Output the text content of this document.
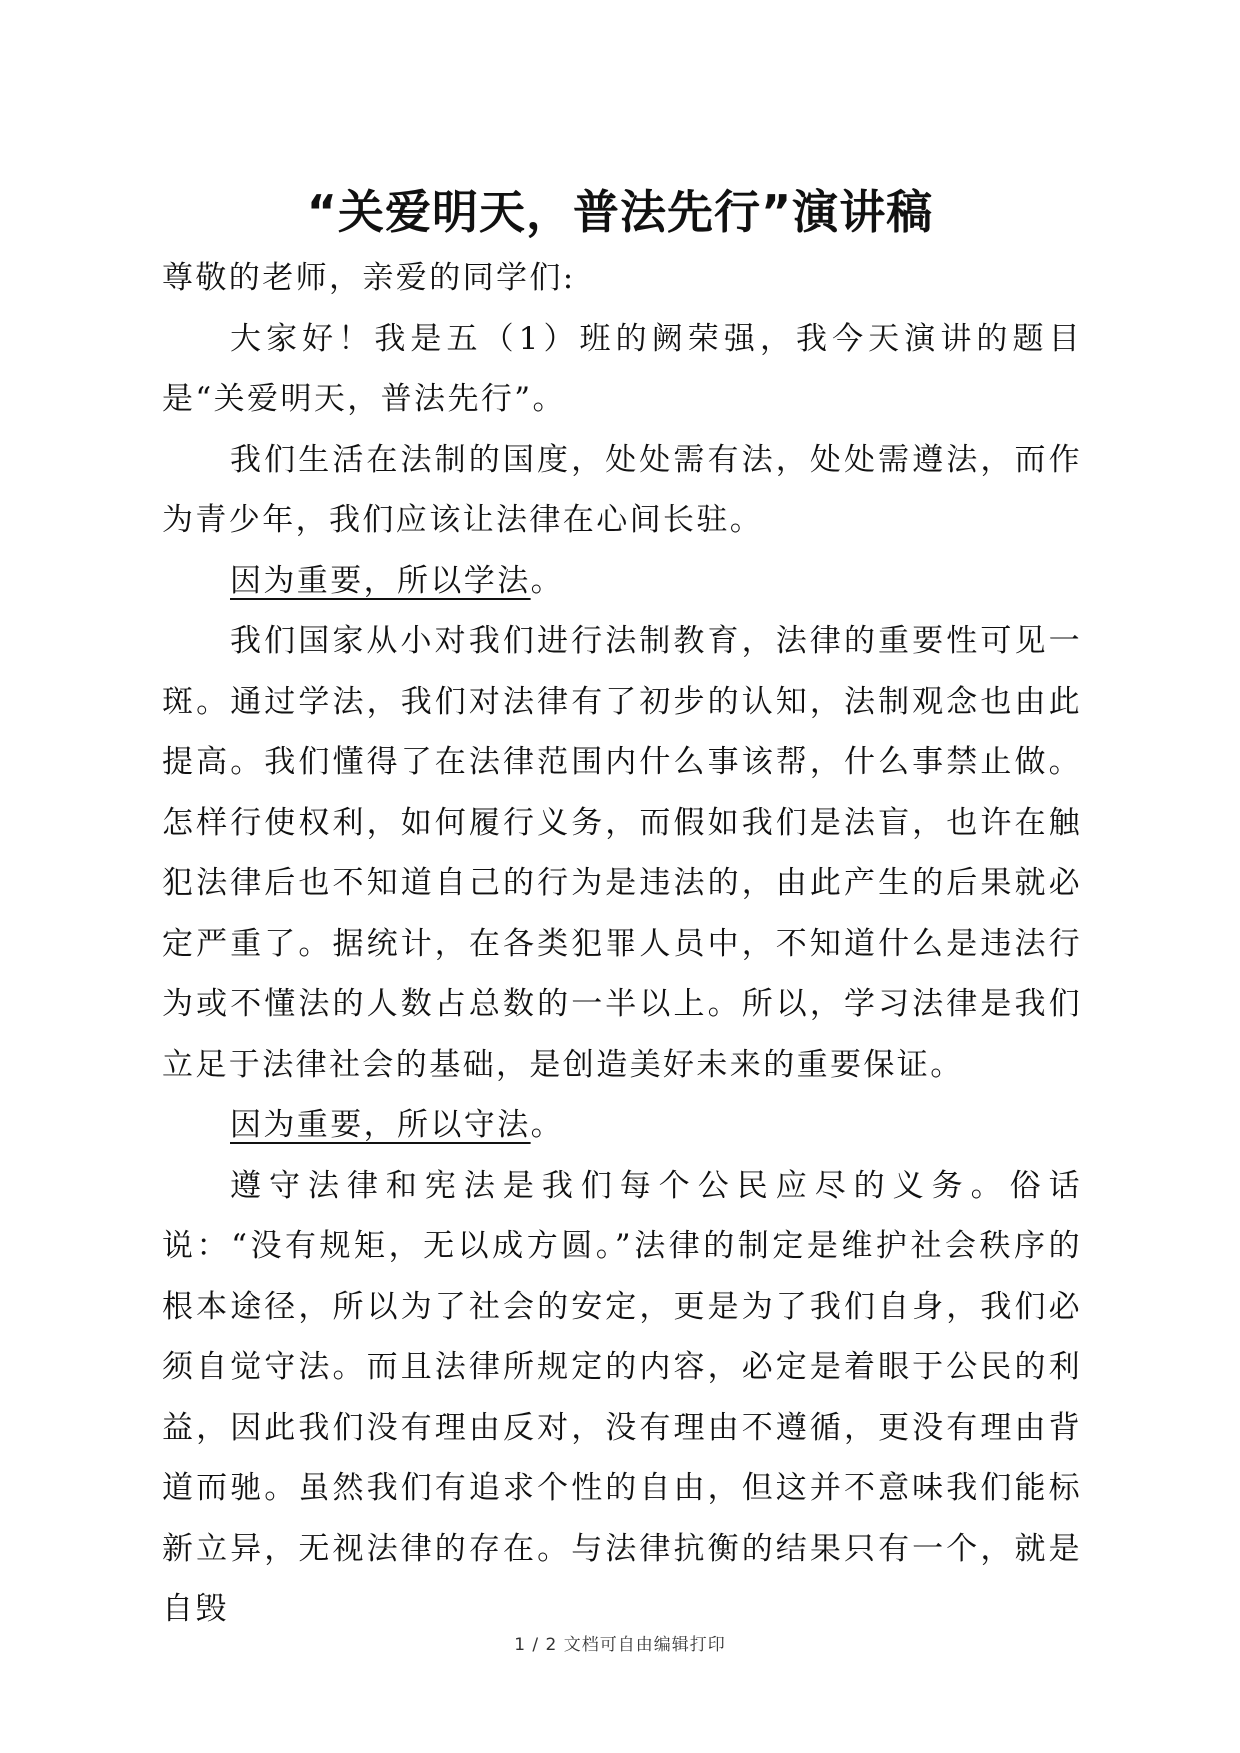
“关爱明天，普法先行”演讲稿

尊敬的老师，亲爱的同学们:

大家好！我是五（1）班的阙荣强，我今天演讲的题目是“关爱明天，普法先行”。

我们生活在法制的国度，处处需有法，处处需遵法，而作为青少年，我们应该让法律在心间长驻。

因为重要，所以学法。

我们国家从小对我们进行法制教育，法律的重要性可见一斑。通过学法，我们对法律有了初步的认知，法制观念也由此提高。我们懂得了在法律范围内什么事该帮，什么事禁止做。怎样行使权利，如何履行义务，而假如我们是法盲，也许在触犯法律后也不知道自己的行为是违法的，由此产生的后果就必定严重了。据统计，在各类犯罪人员中，不知道什么是违法行为或不懂法的人数占总数的一半以上。所以，学习法律是我们立足于法律社会的基础，是创造美好未来的重要保证。

因为重要，所以守法。

遵守法律和宪法是我们每个公民应尽的义务。俗话说：“没有规矩，无以成方圆。”法律的制定是维护社会秩序的根本途径，所以为了社会的安定，更是为了我们自身，我们必须自觉守法。而且法律所规定的内容，必定是着眼于公民的利益，因此我们没有理由反对，没有理由不遵循，更没有理由背道而驰。虽然我们有追求个性的自由，但这并不意味我们能标新立异，无视法律的存在。与法律抗衡的结果只有一个，就是自毁

1 / 2 文档可自由编辑打印
